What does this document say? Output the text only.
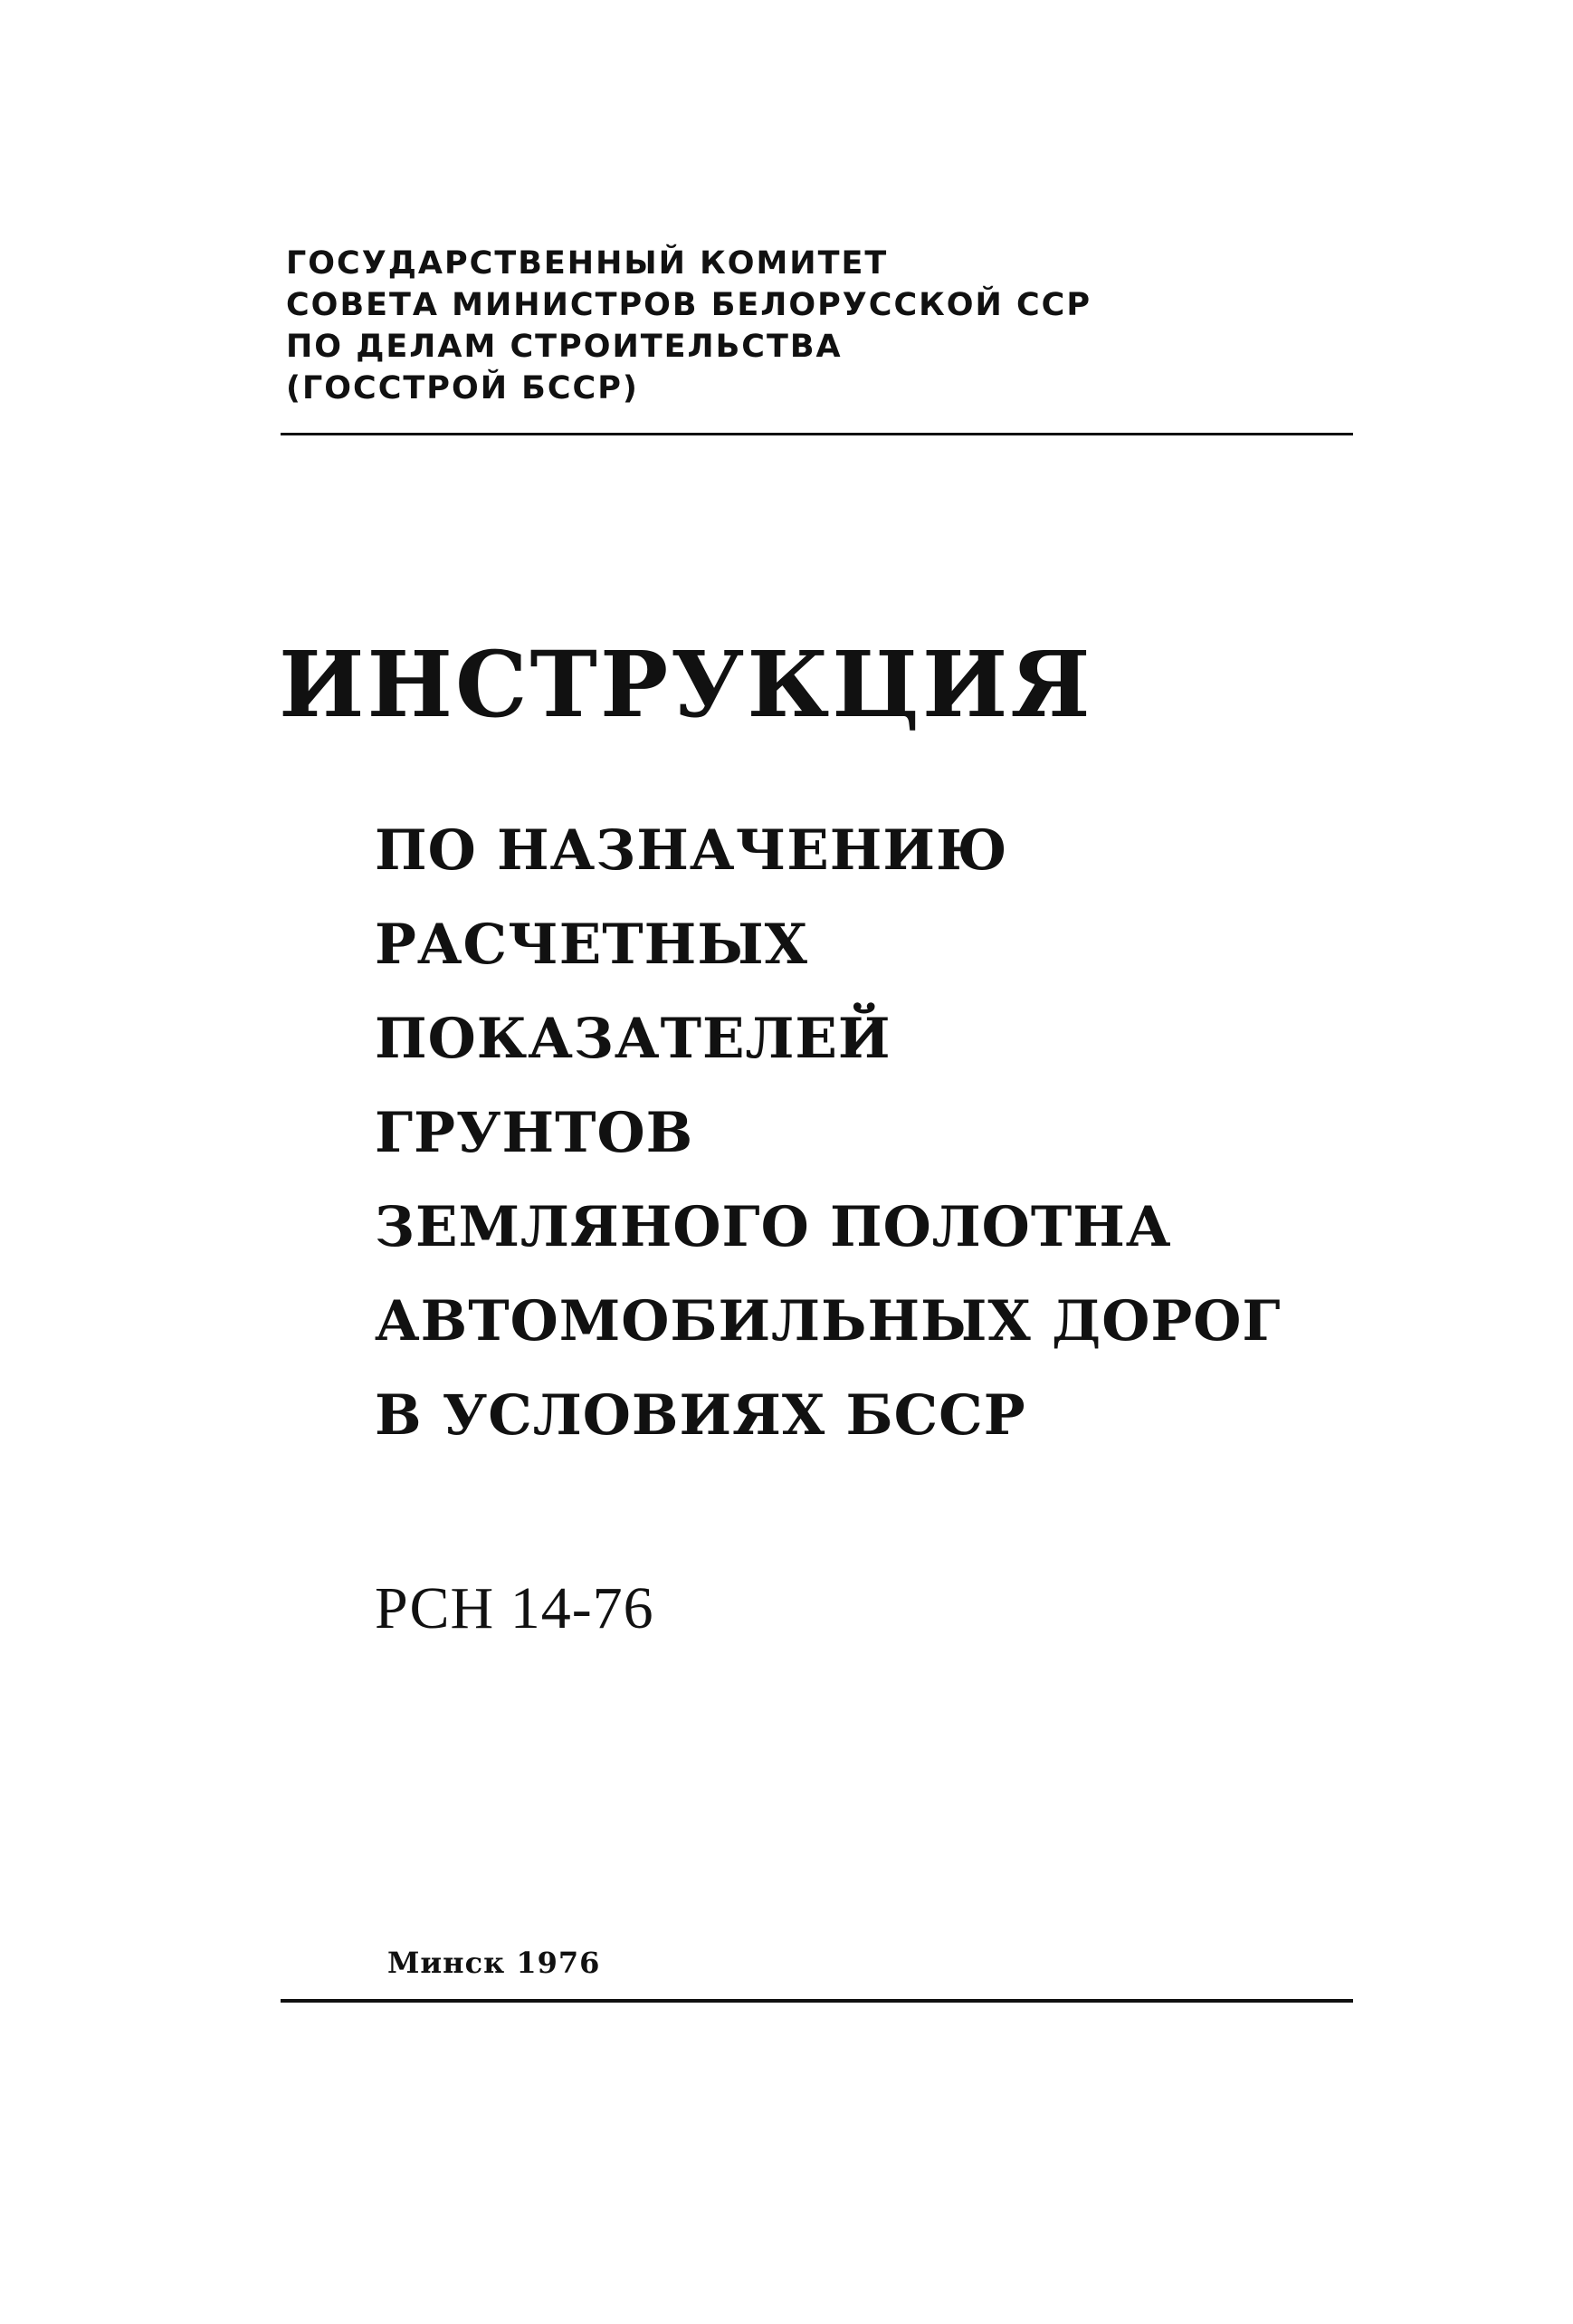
ГОСУДАРСТВЕННЫЙ КОМИТЕТ
СОВЕТА МИНИСТРОВ БЕЛОРУССКОЙ ССР
ПО ДЕЛАМ СТРОИТЕЛЬСТВА
(ГОССТРОЙ БССР)
ИНСТРУКЦИЯ
ПО НАЗНАЧЕНИЮ
РАСЧЕТНЫХ
ПОКАЗАТЕЛЕЙ
ГРУНТОВ
ЗЕМЛЯНОГО ПОЛОТНА
АВТОМОБИЛЬНЫХ ДОРОГ
В УСЛОВИЯХ БССР
РСН 14-76
Минск 1976
